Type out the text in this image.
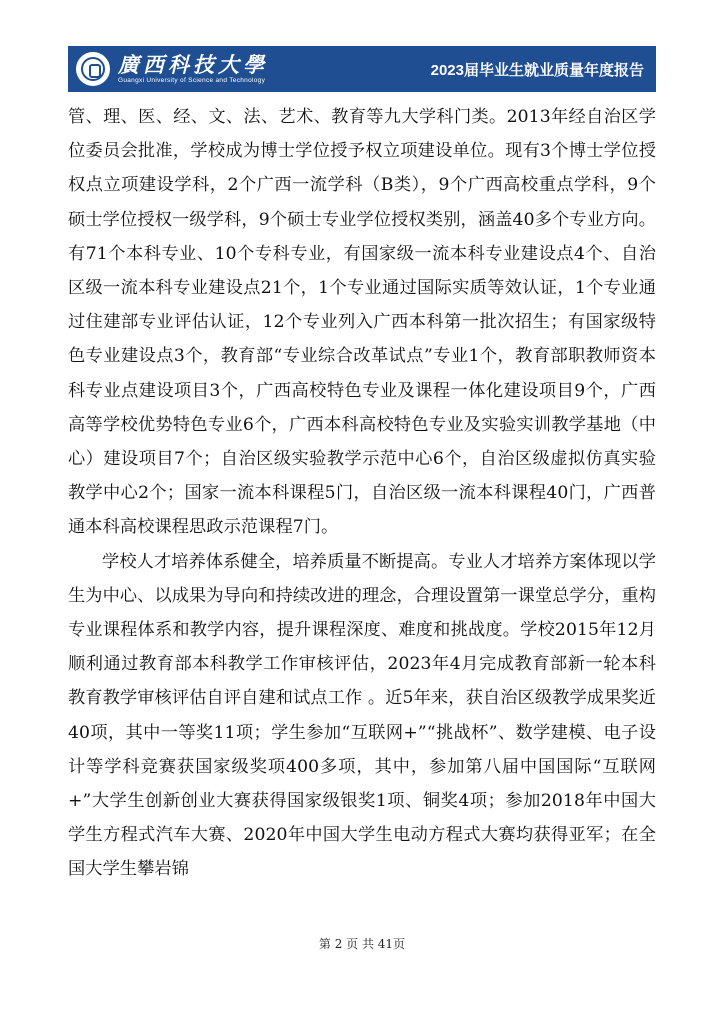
廣西科技大學
Guangxi University of Science and Technology
2023届毕业生就业质量年度报告

管、理、医、经、文、法、艺术、教育等九大学科门类。2013年经自治区学位委员会批准，学校成为博士学位授予权立项建设单位。现有3个博士学位授权点立项建设学科，2个广西一流学科（B类），9个广西高校重点学科，9个硕士学位授权一级学科，9个硕士专业学位授权类别，涵盖40多个专业方向。有71个本科专业、10个专科专业，有国家级一流本科专业建设点4个、自治区级一流本科专业建设点21个，1个专业通过国际实质等效认证，1个专业通过住建部专业评估认证，12个专业列入广西本科第一批次招生；有国家级特色专业建设点3个，教育部“专业综合改革试点”专业1个，教育部职教师资本科专业点建设项目3个，广西高校特色专业及课程一体化建设项目9个，广西高等学校优势特色专业6个，广西本科高校特色专业及实验实训教学基地（中心）建设项目7个；自治区级实验教学示范中心6个，自治区级虚拟仿真实验教学中心2个；国家一流本科课程5门，自治区级一流本科课程40门，广西普通本科高校课程思政示范课程7门。

学校人才培养体系健全，培养质量不断提高。专业人才培养方案体现以学生为中心、以成果为导向和持续改进的理念，合理设置第一课堂总学分，重构专业课程体系和教学内容，提升课程深度、难度和挑战度。学校2015年12月顺利通过教育部本科教学工作审核评估，2023年4月完成教育部新一轮本科教育教学审核评估自评自建和试点工作 。近5年来，获自治区级教学成果奖近40项，其中一等奖11项；学生参加“互联网+”“挑战杯”、数学建模、电子设计等学科竞赛获国家级奖项400多项，其中，参加第八届中国国际“互联网+”大学生创新创业大赛获得国家级银奖1项、铜奖4项；参加2018年中国大学生方程式汽车大赛、2020年中国大学生电动方程式大赛均获得亚军；在全国大学生攀岩锦

第 2 页 共 41页
